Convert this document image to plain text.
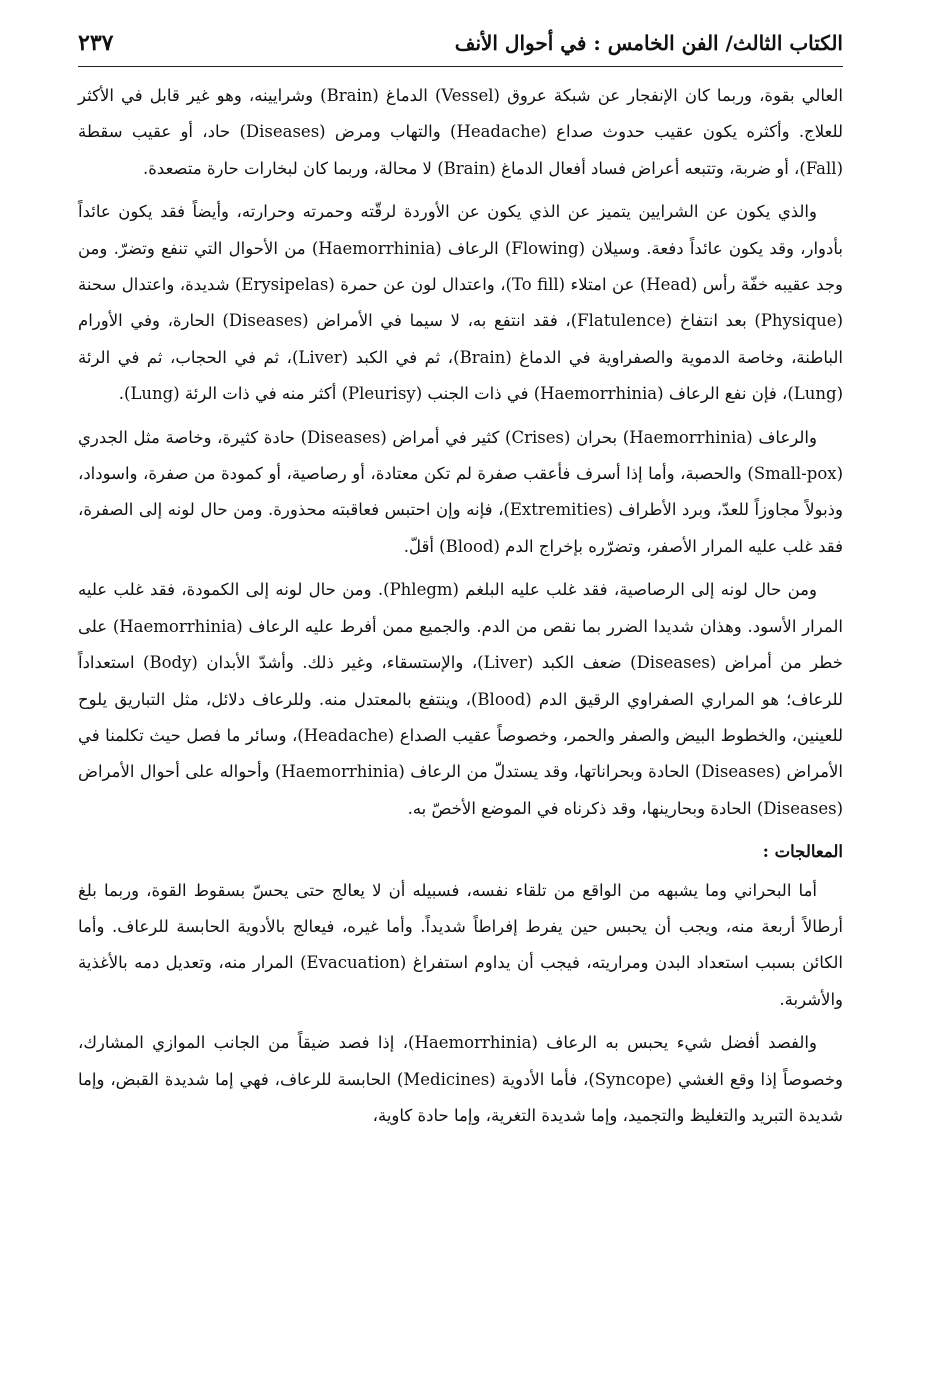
الكتاب الثالث/ الفن الخامس : في أحوال الأنف
٢٣٧

العالي بقوة، وربما كان الإنفجار عن شبكة عروق (Vessel) الدماغ (Brain) وشرايينه، وهو غير قابل في الأكثر للعلاج. وأكثره يكون عقيب حدوث صداع (Headache) والتهاب ومرض (Diseases) حاد، أو عقيب سقطة (Fall)، أو ضربة، وتتبعه أعراض فساد أفعال الدماغ (Brain) لا محالة، وربما كان لبخارات حارة متصعدة.

والذي يكون عن الشرايين يتميز عن الذي يكون عن الأوردة لرقّته وحمرته وحرارته، وأيضاً فقد يكون عائداً بأدوار، وقد يكون عائداً دفعة. وسيلان (Flowing) الرعاف (Haemorrhinia) من الأحوال التي تنفع وتضرّ. ومن وجد عقيبه خفّة رأس (Head) عن امتلاء (To fill)، واعتدال لون عن حمرة (Erysipelas) شديدة، واعتدال سحنة (Physique) بعد انتفاخ (Flatulence)، فقد انتفع به، لا سيما في الأمراض (Diseases) الحارة، وفي الأورام الباطنة، وخاصة الدموية والصفراوية في الدماغ (Brain)، ثم في الكبد (Liver)، ثم في الحجاب، ثم في الرئة (Lung)، فإن نفع الرعاف (Haemorrhinia) في ذات الجنب (Pleurisy) أكثر منه في ذات الرئة (Lung).

والرعاف (Haemorrhinia) بحران (Crises) كثير في أمراض (Diseases) حادة كثيرة، وخاصة مثل الجدري (Small-pox) والحصبة، وأما إذا أسرف فأعقب صفرة لم تكن معتادة، أو رصاصية، أو كمودة من صفرة، واسوداد، وذبولاً مجاوزاً للعدّ، وبرد الأطراف (Extremities)، فإنه وإن احتبس فعاقبته محذورة. ومن حال لونه إلى الصفرة، فقد غلب عليه المرار الأصفر، وتضرّره بإخراج الدم (Blood) أقلّ.

ومن حال لونه إلى الرصاصية، فقد غلب عليه البلغم (Phlegm). ومن حال لونه إلى الكمودة، فقد غلب عليه المرار الأسود. وهذان شديدا الضرر بما نقص من الدم. والجميع ممن أفرط عليه الرعاف (Haemorrhinia) على خطر من أمراض (Diseases) ضعف الكبد (Liver)، والإستسقاء، وغير ذلك. وأشدّ الأبدان (Body) استعداداً للرعاف؛ هو المراري الصفراوي الرقيق الدم (Blood)، وينتفع بالمعتدل منه. وللرعاف دلائل، مثل التباريق يلوح للعينين، والخطوط البيض والصفر والحمر، وخصوصاً عقيب الصداع (Headache)، وسائر ما فصل حيث تكلمنا في الأمراض (Diseases) الحادة وبحراناتها، وقد يستدلّ من الرعاف (Haemorrhinia) وأحواله على أحوال الأمراض (Diseases) الحادة وبحارينها، وقد ذكرناه في الموضع الأخصّ به.

المعالجات :

أما البحراني وما يشبهه من الواقع من تلقاء نفسه، فسبيله أن لا يعالج حتى يحسّ بسقوط القوة، وربما بلغ أرطالاً أربعة منه، ويجب أن يحبس حين يفرط إفراطاً شديداً. وأما غيره، فيعالج بالأدوية الحابسة للرعاف. وأما الكائن بسبب استعداد البدن ومراريته، فيجب أن يداوم استفراغ (Evacuation) المرار منه، وتعديل دمه بالأغذية والأشربة.

والفصد أفضل شيء يحبس به الرعاف (Haemorrhinia)، إذا فصد ضيقاً من الجانب الموازي المشارك، وخصوصاً إذا وقع الغشي (Syncope)، فأما الأدوية (Medicines) الحابسة للرعاف، فهي إما شديدة القبض، وإما شديدة التبريد والتغليظ والتجميد، وإما شديدة التغرية، وإما حادة كاوية،
